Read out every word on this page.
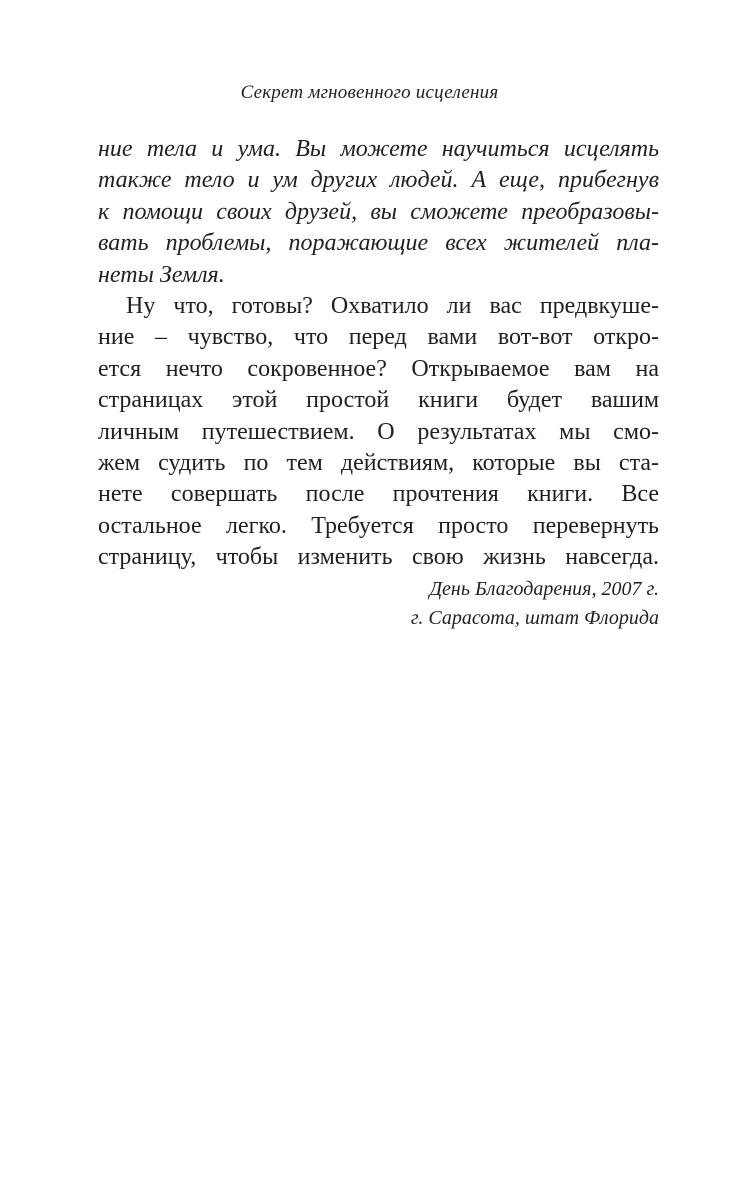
Секрет мгновенного исцеления
ние тела и ума. Вы можете научиться исцелять
также тело и ум других людей. А еще, прибегнув
к помощи своих друзей, вы сможете преобразовы-
вать проблемы, поражающие всех жителей пла-
неты Земля.
Ну что, готовы? Охватило ли вас предвкуше-
ние – чувство, что перед вами вот-вот откро-
ется нечто сокровенное? Открываемое вам на
страницах этой простой книги будет вашим
личным путешествием. О результатах мы смо-
жем судить по тем действиям, которые вы ста-
нете совершать после прочтения книги. Все
остальное легко. Требуется просто перевернуть
страницу, чтобы изменить свою жизнь навсегда.
День Благодарения, 2007 г.
г. Сарасота, штат Флорида
